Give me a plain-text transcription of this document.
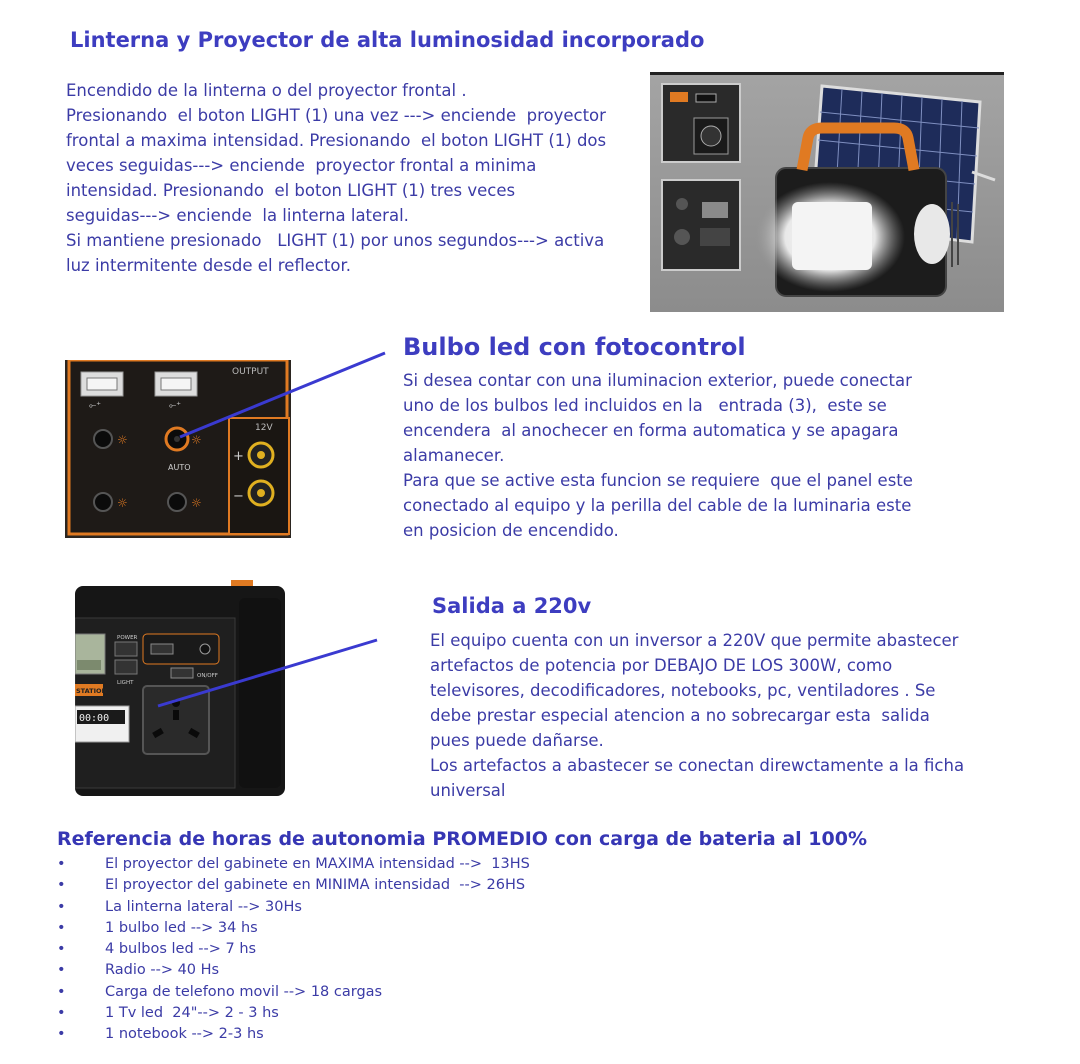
Linterna y Proyector de alta luminosidad incorporado
Encendido de la linterna o del proyector frontal .
Presionando  el boton LIGHT (1) una vez ---> enciende  proyector
frontal a maxima intensidad. Presionando  el boton LIGHT (1) dos
veces seguidas---> enciende  proyector frontal a minima
intensidad. Presionando  el boton LIGHT (1) tres veces
seguidas---> enciende  la linterna lateral.
Si mantiene presionado   LIGHT (1) por unos segundos---> activa
luz intermitente desde el reflector.
Bulbo led con fotocontrol
Si desea contar con una iluminacion exterior, puede conectar
uno de los bulbos led incluidos en la   entrada (3),  este se
encendera  al anochecer en forma automatica y se apagara
alamanecer.
Para que se active esta funcion se requiere  que el panel este
conectado al equipo y la perilla del cable de la luminaria este
en posicion de encendido.
OUTPUT
⟜⁺	⟜⁺
☼	☼
AUTO
☼	☼
12V
+
−
Salida a 220v
El equipo cuenta con un inversor a 220V que permite abastecer
artefactos de potencia por DEBAJO DE LOS 300W, como
televisores, decodificadores, notebooks, pc, ventiladores . Se
debe prestar especial atencion a no sobrecargar esta  salida
pues puede dañarse.
Los artefactos a abastecer se conectan direwctamente a la ficha
universal
POWER
LIGHT
ON/OFF
STATION
00:00
Referencia de horas de autonomia PROMEDIO con carga de bateria al 100%
•	El proyector del gabinete en MAXIMA intensidad -->  13HS
•	El proyector del gabinete en MINIMA intensidad  --> 26HS
•	La linterna lateral --> 30Hs
•	1 bulbo led --> 34 hs
•	4 bulbos led --> 7 hs
•	Radio --> 40 Hs
•	Carga de telefono movil --> 18 cargas
•	1 Tv led  24"--> 2 - 3 hs
•	1 notebook --> 2-3 hs
